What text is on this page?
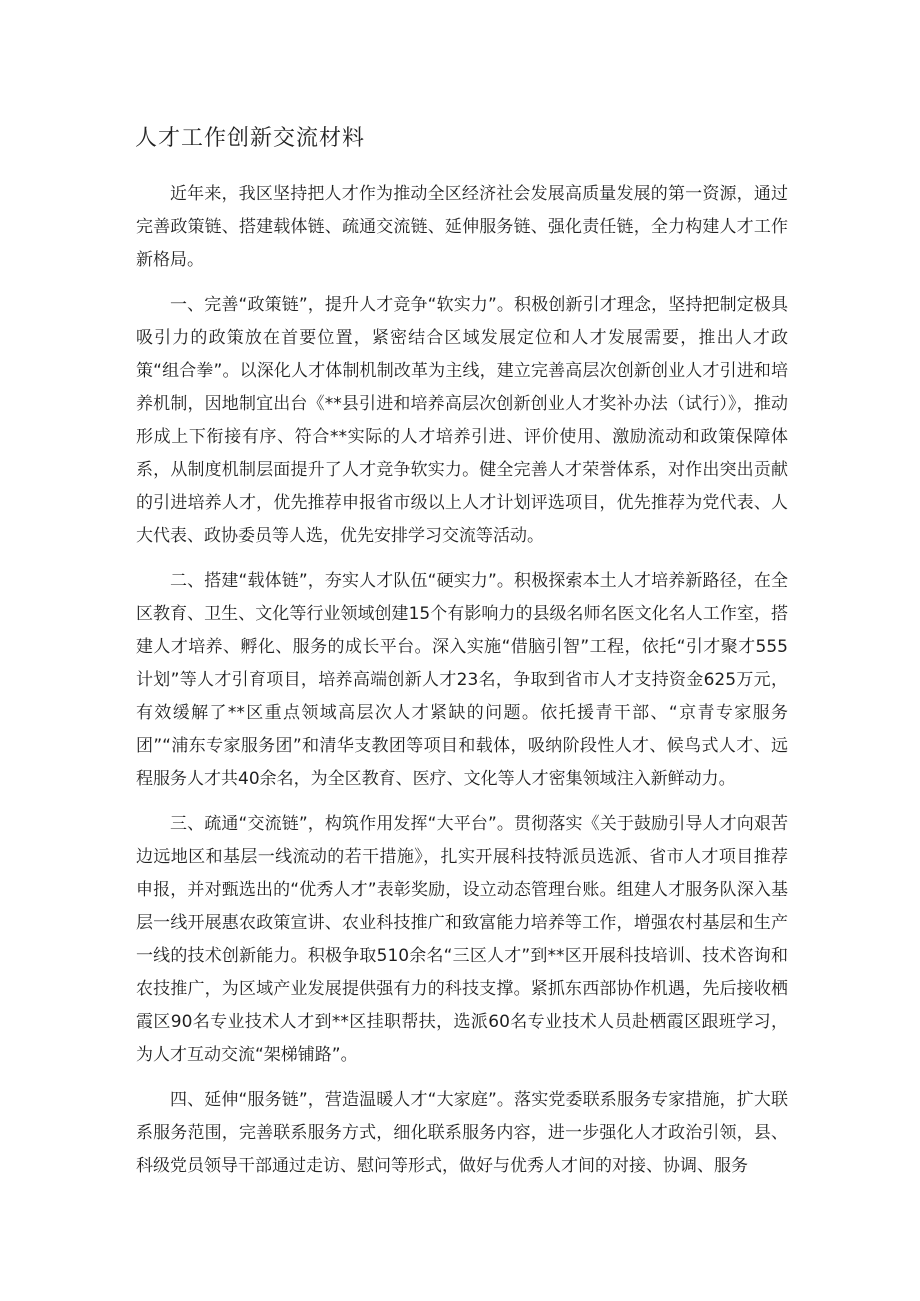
人才工作创新交流材料

近年来，我区坚持把人才作为推动全区经济社会发展高质量发展的第一资源，通过完善政策链、搭建载体链、疏通交流链、延伸服务链、强化责任链，全力构建人才工作新格局。

一、完善“政策链”，提升人才竞争“软实力”。积极创新引才理念，坚持把制定极具吸引力的政策放在首要位置，紧密结合区域发展定位和人才发展需要，推出人才政策“组合拳”。以深化人才体制机制改革为主线，建立完善高层次创新创业人才引进和培养机制，因地制宜出台《**县引进和培养高层次创新创业人才奖补办法（试行）》，推动形成上下衔接有序、符合**实际的人才培养引进、评价使用、激励流动和政策保障体系，从制度机制层面提升了人才竞争软实力。健全完善人才荣誉体系，对作出突出贡献的引进培养人才，优先推荐申报省市级以上人才计划评选项目，优先推荐为党代表、人大代表、政协委员等人选，优先安排学习交流等活动。

二、搭建“载体链”，夯实人才队伍“硬实力”。积极探索本土人才培养新路径，在全区教育、卫生、文化等行业领域创建15个有影响力的县级名师名医文化名人工作室，搭建人才培养、孵化、服务的成长平台。深入实施“借脑引智”工程，依托“引才聚才555计划”等人才引育项目，培养高端创新人才23名，争取到省市人才支持资金625万元，有效缓解了**区重点领域高层次人才紧缺的问题。依托援青干部、“京青专家服务团”“浦东专家服务团”和清华支教团等项目和载体，吸纳阶段性人才、候鸟式人才、远程服务人才共40余名，为全区教育、医疗、文化等人才密集领域注入新鲜动力。

三、疏通“交流链”，构筑作用发挥“大平台”。贯彻落实《关于鼓励引导人才向艰苦边远地区和基层一线流动的若干措施》，扎实开展科技特派员选派、省市人才项目推荐申报，并对甄选出的“优秀人才”表彰奖励，设立动态管理台账。组建人才服务队深入基层一线开展惠农政策宣讲、农业科技推广和致富能力培养等工作，增强农村基层和生产一线的技术创新能力。积极争取510余名“三区人才”到**区开展科技培训、技术咨询和农技推广，为区域产业发展提供强有力的科技支撑。紧抓东西部协作机遇，先后接收栖霞区90名专业技术人才到**区挂职帮扶，选派60名专业技术人员赴栖霞区跟班学习，为人才互动交流“架梯铺路”。

四、延伸“服务链”，营造温暖人才“大家庭”。落实党委联系服务专家措施，扩大联系服务范围，完善联系服务方式，细化联系服务内容，进一步强化人才政治引领，县、科级党员领导干部通过走访、慰问等形式，做好与优秀人才间的对接、协调、服务
